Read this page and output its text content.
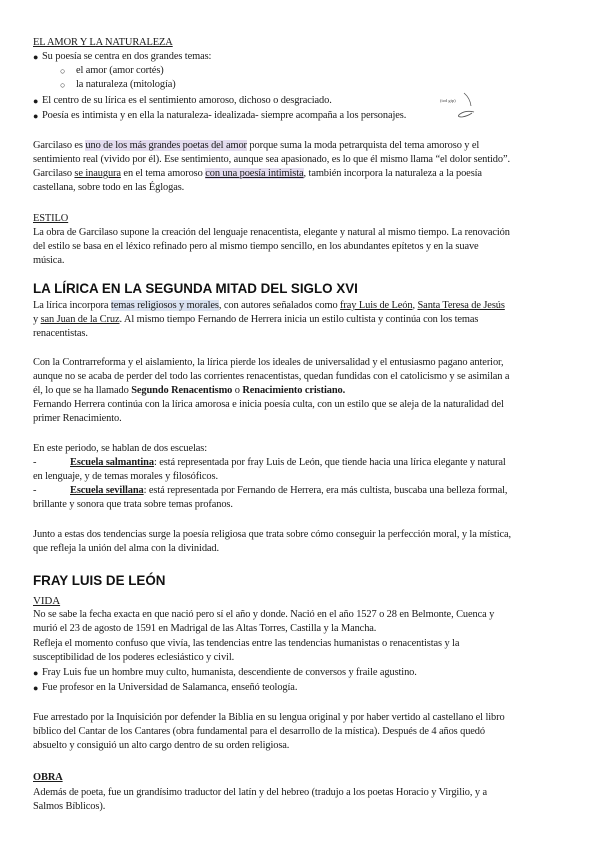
EL AMOR Y LA NATURALEZA
● Su poesía se centra en dos grandes temas:
○ el amor (amor cortés)
○ la naturaleza (mitología)
● El centro de su lírica es el sentimiento amoroso, dichoso o desgraciado.	(tod gip)
● Poesía es intimista y en ella la naturaleza- idealizada- siempre acompaña a los personajes.
Garcilaso es uno de los más grandes poetas del amor porque suma la moda petrarquista del tema amoroso y el
sentimiento real (vivido por él). Ese sentimiento, aunque sea apasionado, es lo que él mismo llama “el dolor sentido”.
Garcilaso se inaugura en el tema amoroso con una poesía intimista, también incorpora la naturaleza a la poesía
castellana, sobre todo en las Églogas.
ESTILO
La obra de Garcilaso supone la creación del lenguaje renacentista, elegante y natural al mismo tiempo. La renovación
del estilo se basa en el léxico refinado pero al mismo tiempo sencillo, en los abundantes epítetos y en la suave
música.
LA LÍRICA EN LA SEGUNDA MITAD DEL SIGLO XVI
La lírica incorpora temas religiosos y morales, con autores señalados como fray Luis de León, Santa Teresa de Jesús
y san Juan de la Cruz. Al mismo tiempo Fernando de Herrera inicia un estilo cultista y continúa con los temas
renacentistas.
Con la Contrarreforma y el aislamiento, la lírica pierde los ideales de universalidad y el entusiasmo pagano anterior,
aunque no se acaba de perder del todo las corrientes renacentistas, quedan fundidas con el catolicismo y se asimilan a
él, lo que se ha llamado Segundo Renacentismo o Renacimiento cristiano.
Fernando Herrera continúa con la lírica amorosa e inicia poesía culta, con un estilo que se aleja de la naturalidad del
primer Renacimiento.
En este periodo, se hablan de dos escuelas:
-	Escuela salmantina: está representada por fray Luis de León, que tiende hacia una lírica elegante y natural
en lenguaje, y de temas morales y filosóficos.
-	Escuela sevillana: está representada por Fernando de Herrera, era más cultista, buscaba una belleza formal,
brillante y sonora que trata sobre temas profanos.
Junto a estas dos tendencias surge la poesía religiosa que trata sobre cómo conseguir la perfección moral, y la mística,
que refleja la unión del alma con la divinidad.
FRAY LUIS DE LEÓN
VIDA
No se sabe la fecha exacta en que nació pero sí el año y donde. Nació en el año 1527 o 28 en Belmonte, Cuenca y
murió el 23 de agosto de 1591 en Madrigal de las Altas Torres, Castilla y la Mancha.
Refleja el momento confuso que vivía, las tendencias entre las tendencias humanistas o renacentistas y la
susceptibilidad de los poderes eclesiástico y civil.
● Fray Luis fue un hombre muy culto, humanista, descendiente de conversos y fraile agustino.
● Fue profesor en la Universidad de Salamanca, enseñó teología.
Fue arrestado por la Inquisición por defender la Biblia en su lengua original y por haber vertido al castellano el libro
bíblico del Cantar de los Cantares (obra fundamental para el desarrollo de la mística). Después de 4 años quedó
absuelto y consiguió un alto cargo dentro de su orden religiosa.
OBRA
Además de poeta, fue un grandísimo traductor del latín y del hebreo (tradujo a los poetas Horacio y Virgilio, y a
Salmos Bíblicos).
